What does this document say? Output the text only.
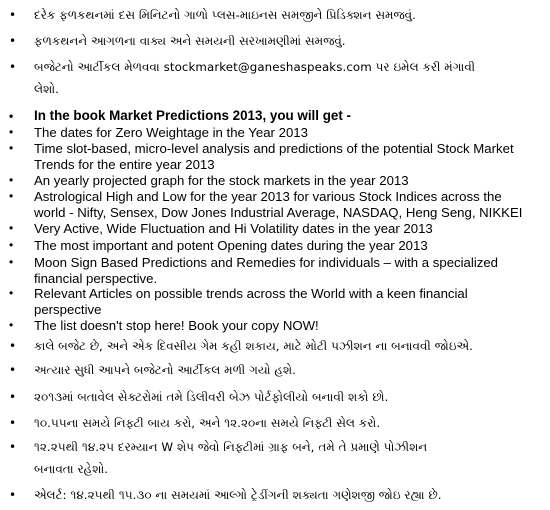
• દરેક ફળકથનમાં દસ મિનિટનો ગાળો પ્લસ-માઇનસ સમજીને પ્રિડિક્શન સમજવું.
• ફળકથનને આગળના વાક્ય અને સમયની સરખામણીમાં સમજવું.
• બજેટનો આર્ટીકલ મેળવવા stockmarket@ganeshaspeaks.com પર ઇમેલ કરી મંગાવી
લેશો.
• In the book Market Predictions 2013, you will get -
• The dates for Zero Weightage in the Year 2013
• Time slot-based, micro-level analysis and predictions of the potential Stock Market
Trends for the entire year 2013
• An yearly projected graph for the stock markets in the year 2013
• Astrological High and Low for the year 2013 for various Stock Indices across the
world - Nifty, Sensex, Dow Jones Industrial Average, NASDAQ, Heng Seng, NIKKEI
• Very Active, Wide Fluctuation and Hi Volatility dates in the year 2013
• The most important and potent Opening dates during the year 2013
• Moon Sign Based Predictions and Remedies for individuals – with a specialized
financial perspective.
• Relevant Articles on possible trends across the World with a keen financial
perspective
• The list doesn't stop here! Book your copy NOW!
• કાલે બજેટ છે, અને એક દિવસીય ગેમ કહી શકાય, માટે મોટી પઝીશન ના બનાવવી જોઇએ.
• અત્યાર સુધી આપને બજેટનો આર્ટીકલ મળી ગયો હશે.
• ૨૦૧૩માં બતાવેલ સેક્ટરોમાં તમે ડિલીવરી બેઝ પોર્ટફોલીયો બનાવી શકો છો.
• ૧૦.૫૫ના સમયે નિફ્ટી બાય કરો, અને ૧૨.૨૦ના સમયે નિફ્ટી સેલ કરો.
• ૧૨.૨૫થી ૧૪.૨૫ દરમ્યાન W શેપ જેવો નિફ્ટીમાં ગ્રાફ બને, તમે તે પ્રમાણે પોઝીશન
બનાવતા રહેશો.
• એલર્ટ: ૧૪.૨૫થી ૧૫.૩૦ ના સમયમાં આલ્ગો ટ્રેડીંગની શક્યતા ગણેશજી જોઇ રહ્યા છે.
